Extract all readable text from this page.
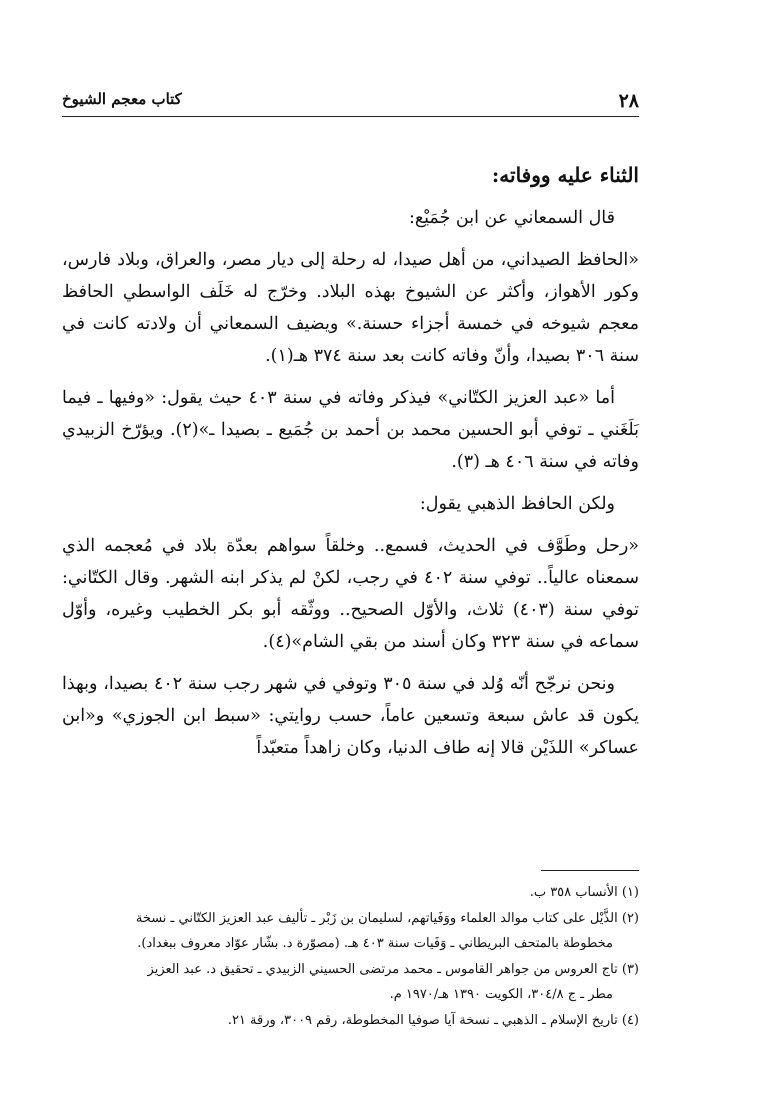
٢٨
كتاب معجم الشيوخ
الثناء عليه ووفاته:

قال السمعاني عن ابن جُمَيْع:

«الحافظ الصيداني، من أهل صيدا، له رحلة إلى ديار مصر، والعراق، وبلاد فارس، وكور الأهواز، وأكثر عن الشيوخ بهذه البلاد. وخرّج له خَلَف الواسطي الحافظ معجم شيوخه في خمسة أجزاء حسنة.» ويضيف السمعاني أن ولادته كانت في سنة ٣٠٦ بصيدا، وأنّ وفاته كانت بعد سنة ٣٧٤ هـ(١).

أما «عبد العزيز الكتّاني» فيذكر وفاته في سنة ٤٠٣ حيث يقول: «وفيها ـ فيما بَلَغَني ـ توفي أبو الحسين محمد بن أحمد بن جُمَيع ـ بصيدا ـ»(٢). ويؤرّخ الزبيدي وفاته في سنة ٤٠٦ هـ (٣).

ولكن الحافظ الذهبي يقول:

«رحل وطَوَّف في الحديث، فسمع.. وخلقاً سواهم بعدّة بلاد في مُعجمه الذي سمعناه عالياً.. توفي سنة ٤٠٢ في رجب، لكنْ لم يذكر ابنه الشهر. وقال الكتّاني: توفي سنة (٤٠٣) ثلاث، والأوّل الصحيح.. ووثّقه أبو بكر الخطيب وغيره، وأوّل سماعه في سنة ٣٢٣ وكان أسند من بقي الشام»(٤).

ونحن نرجّح أنّه وُلد في سنة ٣٠٥ وتوفي في شهر رجب سنة ٤٠٢ بصيدا، وبهذا يكون قد عاش سبعة وتسعين عاماً، حسب روايتي: «سبط ابن الجوزي» و«ابن عساكر» اللذَيْن قالا إنه طاف الدنيا، وكان زاهداً متعبّداً

(١) الأنساب ٣٥٨ ب.
(٢) الذَّيْل على كتاب موالد العلماء ووَفَياتهم، لسليمان بن زَبْر ـ تأليف عبد العزيز الكتّاني ـ نسخة
مخطوطة بالمتحف البريطاني ـ وَفَيات سنة ٤٠٣ هـ. (مصوّرة د. بشّار عوّاد معروف ببغداد).
(٣) تاج العروس من جواهر القاموس ـ محمد مرتضى الحسيني الزبيدي ـ تحقيق د. عبد العزيز
مطر ـ ج ٣٠٤/٨، الكويت ١٣٩٠ هـ/١٩٧٠ م.
(٤) تاريخ الإسلام ـ الذهبي ـ نسخة آيا صوفيا المخطوطة، رقم ٣٠٠٩، ورقة ٢١.
